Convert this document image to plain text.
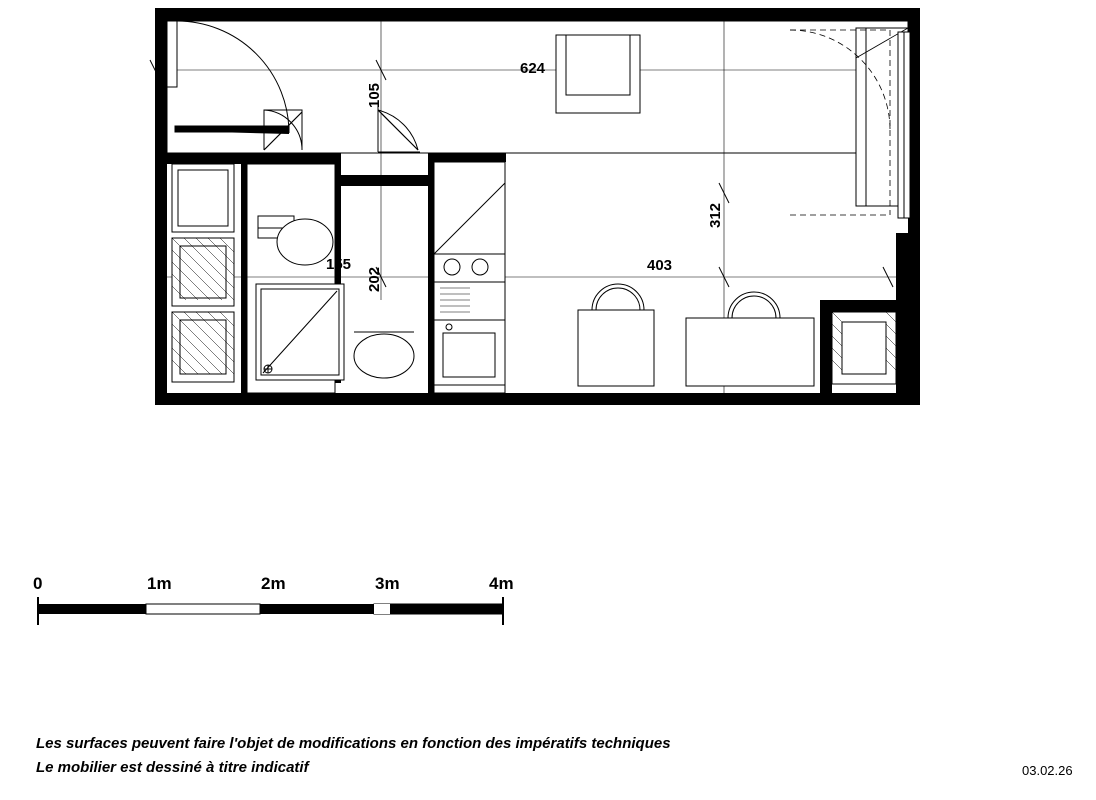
624
105
155
202
312
403
0	1m	2m	3m	4m
Les surfaces peuvent faire l'objet de modifications en fonction des impératifs techniques
Le mobilier est dessiné à titre indicatif	03.02.26
